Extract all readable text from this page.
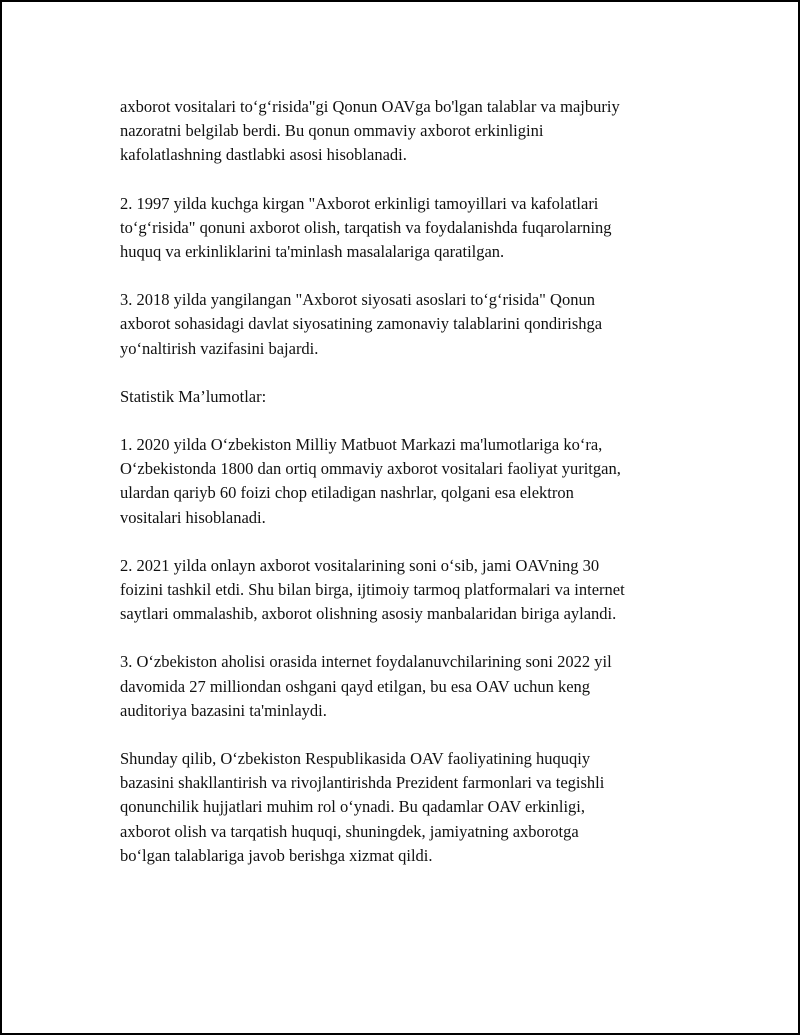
axborot vositalari to‘g‘risida"gi Qonun OAVga bo'lgan talablar va majburiy
nazoratni belgilab berdi. Bu qonun ommaviy axborot erkinligini
kafolatlashning dastlabki asosi hisoblanadi.

2. 1997 yilda kuchga kirgan "Axborot erkinligi tamoyillari va kafolatlari
to‘g‘risida" qonuni axborot olish, tarqatish va foydalanishda fuqarolarning
huquq va erkinliklarini ta'minlash masalalariga qaratilgan.

3. 2018 yilda yangilangan "Axborot siyosati asoslari to‘g‘risida" Qonun
axborot sohasidagi davlat siyosatining zamonaviy talablarini qondirishga
yo‘naltirish vazifasini bajardi.

Statistik Ma’lumotlar:

1. 2020 yilda O‘zbekiston Milliy Matbuot Markazi ma'lumotlariga ko‘ra,
O‘zbekistonda 1800 dan ortiq ommaviy axborot vositalari faoliyat yuritgan,
ulardan qariyb 60 foizi chop etiladigan nashrlar, qolgani esa elektron
vositalari hisoblanadi.

2. 2021 yilda onlayn axborot vositalarining soni o‘sib, jami OAVning 30
foizini tashkil etdi. Shu bilan birga, ijtimoiy tarmoq platformalari va internet
saytlari ommalashib, axborot olishning asosiy manbalaridan biriga aylandi.

3. O‘zbekiston aholisi orasida internet foydalanuvchilarining soni 2022 yil
davomida 27 milliondan oshgani qayd etilgan, bu esa OAV uchun keng
auditoriya bazasini ta'minlaydi.

Shunday qilib, O‘zbekiston Respublikasida OAV faoliyatining huquqiy
bazasini shakllantirish va rivojlantirishda Prezident farmonlari va tegishli
qonunchilik hujjatlari muhim rol o‘ynadi. Bu qadamlar OAV erkinligi,
axborot olish va tarqatish huquqi, shuningdek, jamiyatning axborotga
bo‘lgan talablariga javob berishga xizmat qildi.
